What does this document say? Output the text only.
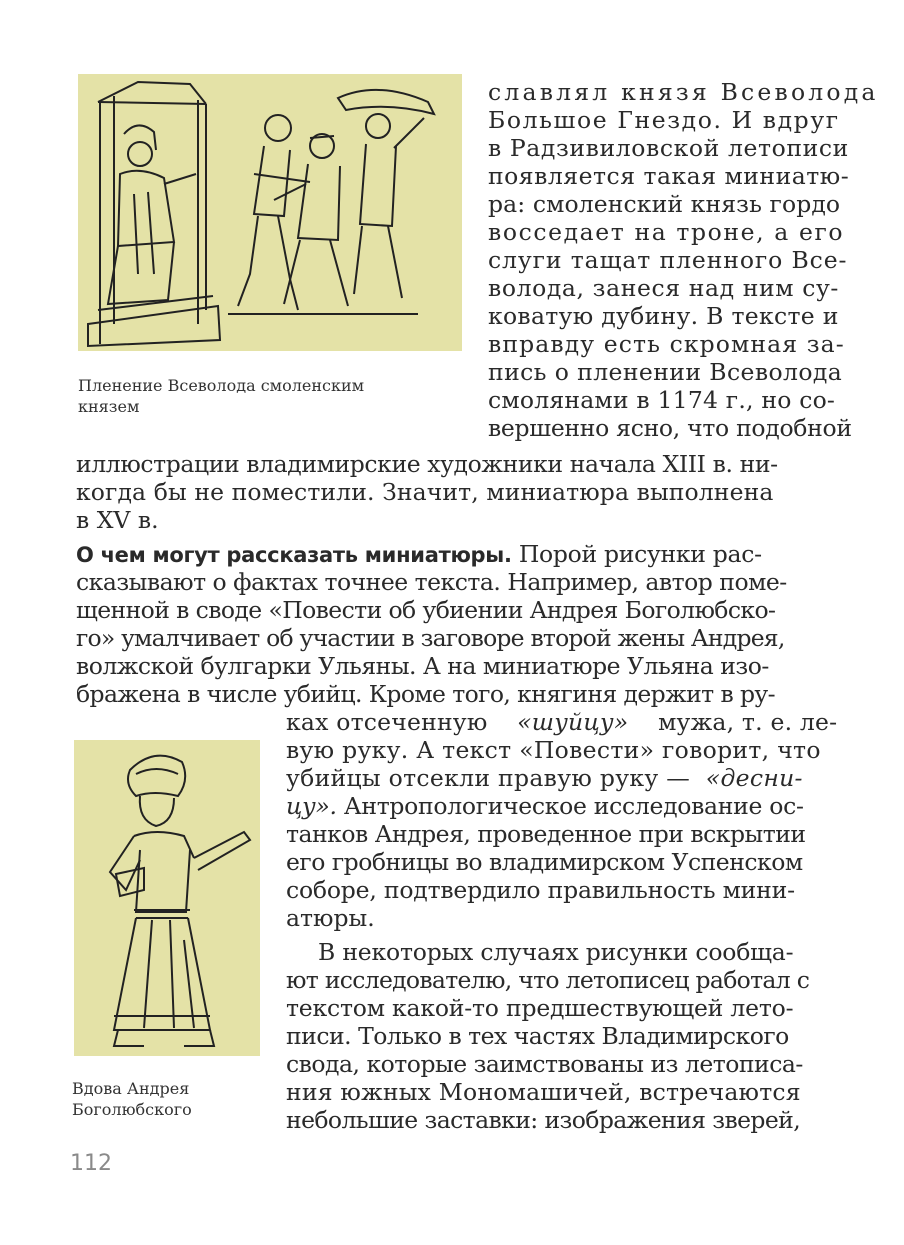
Пленение Всеволода смоленским князем
славлял князя Всеволода
Большое Гнездо. И вдруг
в Радзивиловской летописи
появляется такая миниатю-
ра: смоленский князь гордо
восседает на троне, а его
слуги тащат пленного Все-
волода, занеся над ним су-
коватую дубину. В тексте и
вправду есть скромная за-
пись о пленении Всеволода
смолянами в 1174 г., но со-
вершенно ясно, что подобной
иллюстрации владимирские художники начала XIII в. ни-
когда бы не поместили. Значит, миниатюра выполнена
в XV в.
О чем могут рассказать миниатюры. Порой рисунки рас-
сказывают о фактах точнее текста. Например, автор поме-
щенной в своде «Повести об убиении Андрея Боголюбско-
го» умалчивает об участии в заговоре второй жены Андрея,
волжской булгарки Ульяны. А на миниатюре Ульяна изо-
бражена в числе убийц. Кроме того, княгиня держит в ру-
Вдова Андрея Боголюбского
ках отсеченную «шуйцу» мужа, т. е. ле-
вую руку. А текст «Повести» говорит, что
убийцы отсекли правую руку — «десни-
цу». Антропологическое исследование ос-
танков Андрея, проведенное при вскрытии
его гробницы во владимирском Успенском
соборе, подтвердило правильность мини-
атюры.
В некоторых случаях рисунки сообща-
ют исследователю, что летописец работал с
текстом какой-то предшествующей лето-
писи. Только в тех частях Владимирского
свода, которые заимствованы из летописа-
ния южных Мономашичей, встречаются
небольшие заставки: изображения зверей,
112
